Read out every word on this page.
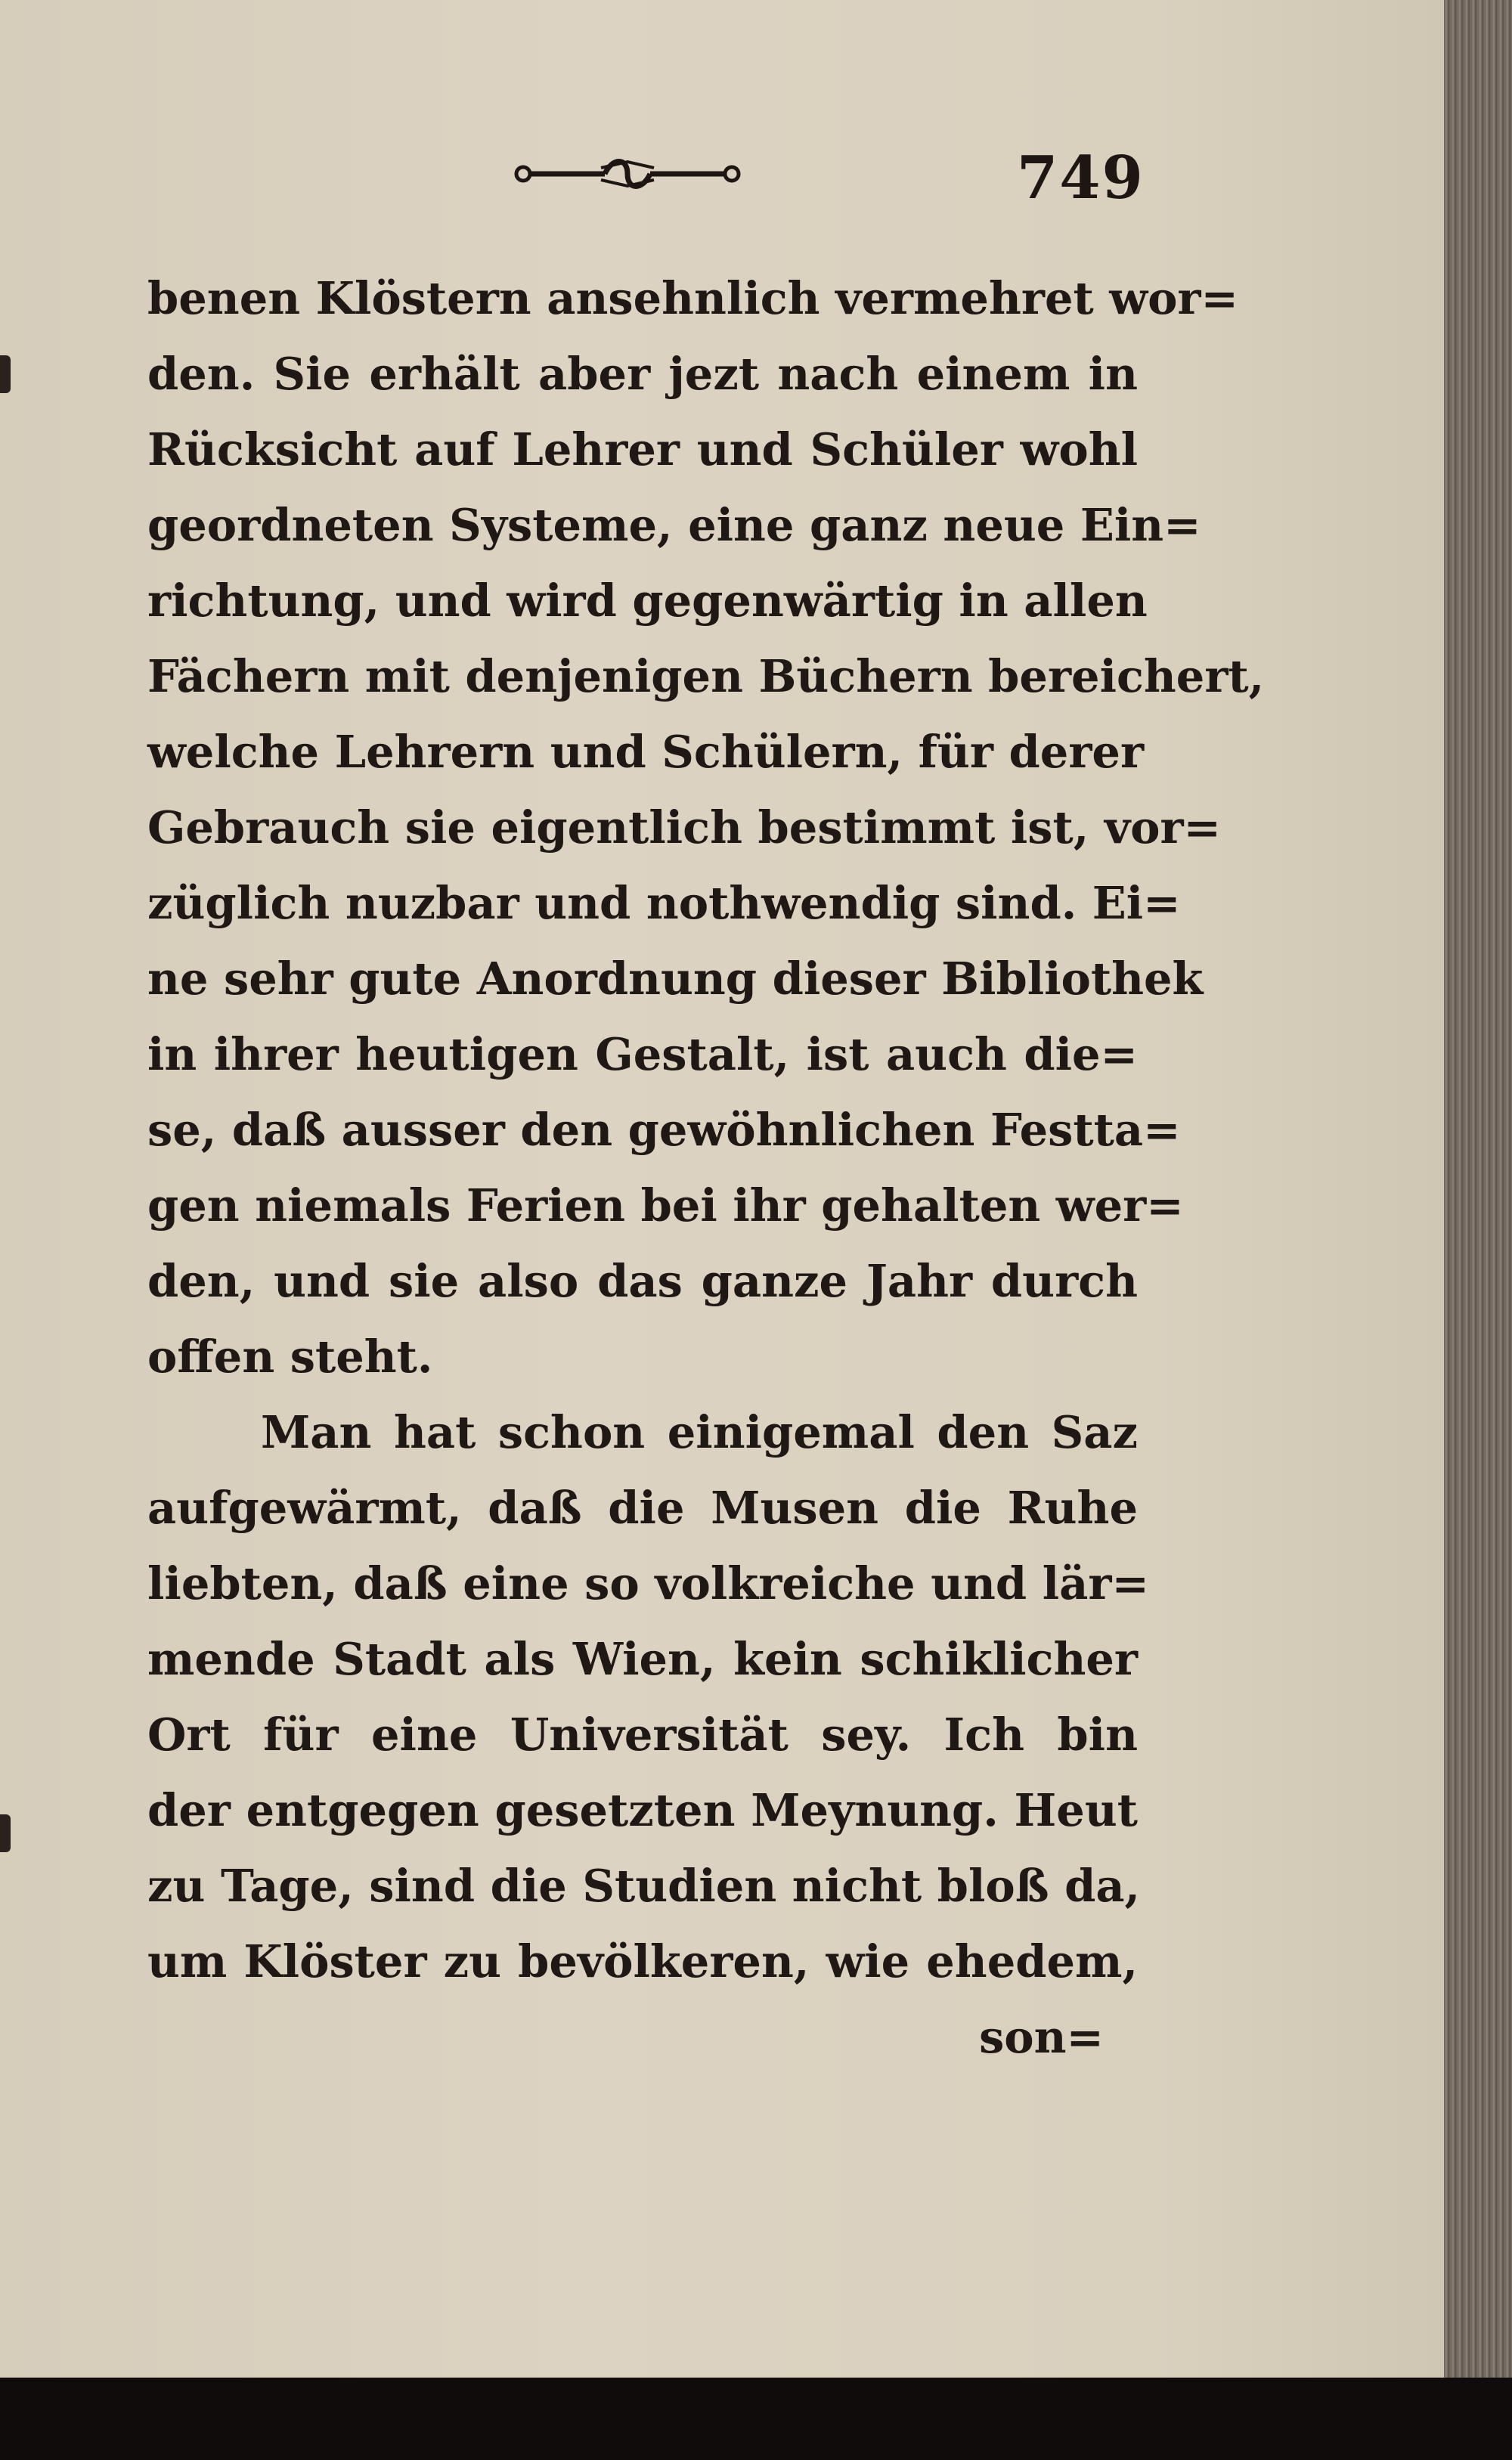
749
benen Klöstern ansehnlich vermehret wor=
den. Sie erhält aber jezt nach einem in
Rücksicht auf Lehrer und Schüler wohl
geordneten Systeme, eine ganz neue Ein=
richtung, und wird gegenwärtig in allen
Fächern mit denjenigen Büchern bereichert,
welche Lehrern und Schülern, für derer
Gebrauch sie eigentlich bestimmt ist, vor=
züglich nuzbar und nothwendig sind. Ei=
ne sehr gute Anordnung dieser Bibliothek
in ihrer heutigen Gestalt, ist auch die=
se, daß ausser den gewöhnlichen Festta=
gen niemals Ferien bei ihr gehalten wer=
den, und sie also das ganze Jahr durch
offen steht.
Man hat schon einigemal den Saz
aufgewärmt, daß die Musen die Ruhe
liebten, daß eine so volkreiche und lär=
mende Stadt als Wien, kein schiklicher
Ort für eine Universität sey. Ich bin
der entgegen gesetzten Meynung. Heut
zu Tage, sind die Studien nicht bloß da,
um Klöster zu bevölkeren, wie ehedem,
son=
